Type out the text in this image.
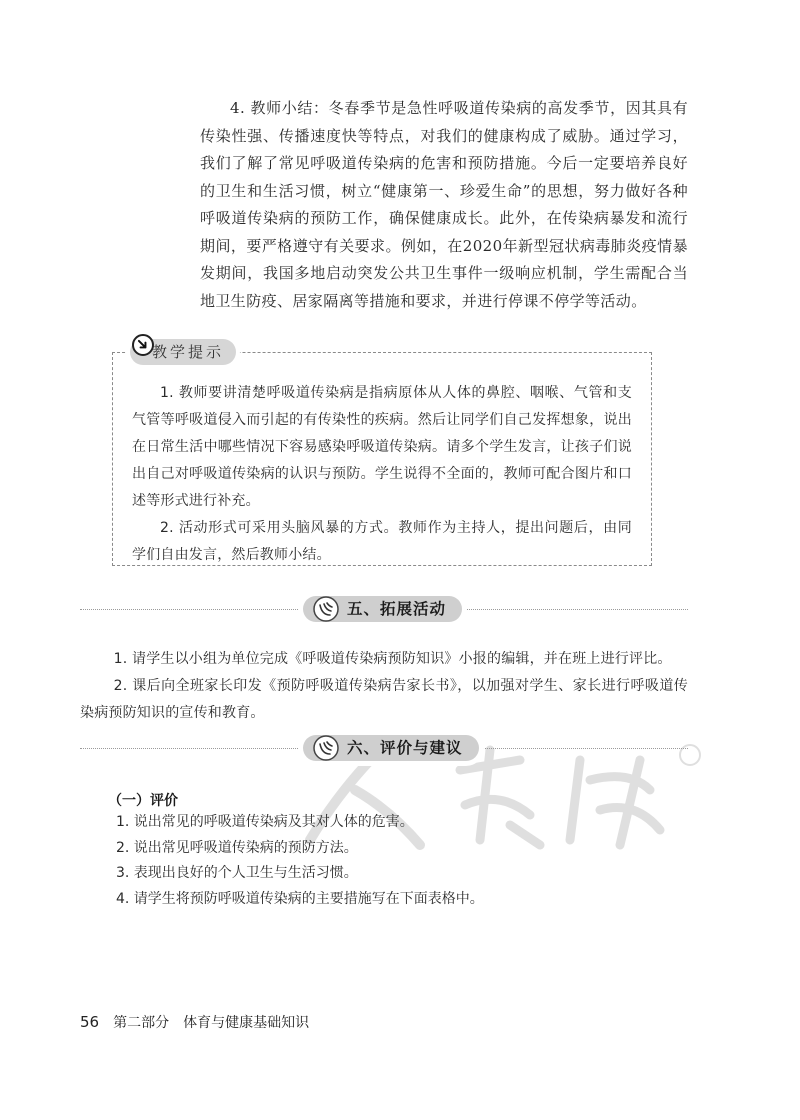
4. 教师小结：冬春季节是急性呼吸道传染病的高发季节，因其具有传染性强、传播速度快等特点，对我们的健康构成了威胁。通过学习，我们了解了常见呼吸道传染病的危害和预防措施。今后一定要培养良好的卫生和生活习惯，树立“健康第一、珍爱生命”的思想，努力做好各种呼吸道传染病的预防工作，确保健康成长。此外，在传染病暴发和流行期间，要严格遵守有关要求。例如，在2020年新型冠状病毒肺炎疫情暴发期间，我国多地启动突发公共卫生事件一级响应机制，学生需配合当地卫生防疫、居家隔离等措施和要求，并进行停课不停学等活动。

教学提示

1. 教师要讲清楚呼吸道传染病是指病原体从人体的鼻腔、咽喉、气管和支气管等呼吸道侵入而引起的有传染性的疾病。然后让同学们自己发挥想象，说出在日常生活中哪些情况下容易感染呼吸道传染病。请多个学生发言，让孩子们说出自己对呼吸道传染病的认识与预防。学生说得不全面的，教师可配合图片和口述等形式进行补充。

2. 活动形式可采用头脑风暴的方式。教师作为主持人，提出问题后，由同学们自由发言，然后教师小结。

五、拓展活动

1. 请学生以小组为单位完成《呼吸道传染病预防知识》小报的编辑，并在班上进行评比。

2. 课后向全班家长印发《预防呼吸道传染病告家长书》，以加强对学生、家长进行呼吸道传染病预防知识的宣传和教育。

六、评价与建议
（一）评价
1. 说出常见的呼吸道传染病及其对人体的危害。
2. 说出常见呼吸道传染病的预防方法。
3. 表现出良好的个人卫生与生活习惯。
4. 请学生将预防呼吸道传染病的主要措施写在下面表格中。
56 第二部分 体育与健康基础知识
